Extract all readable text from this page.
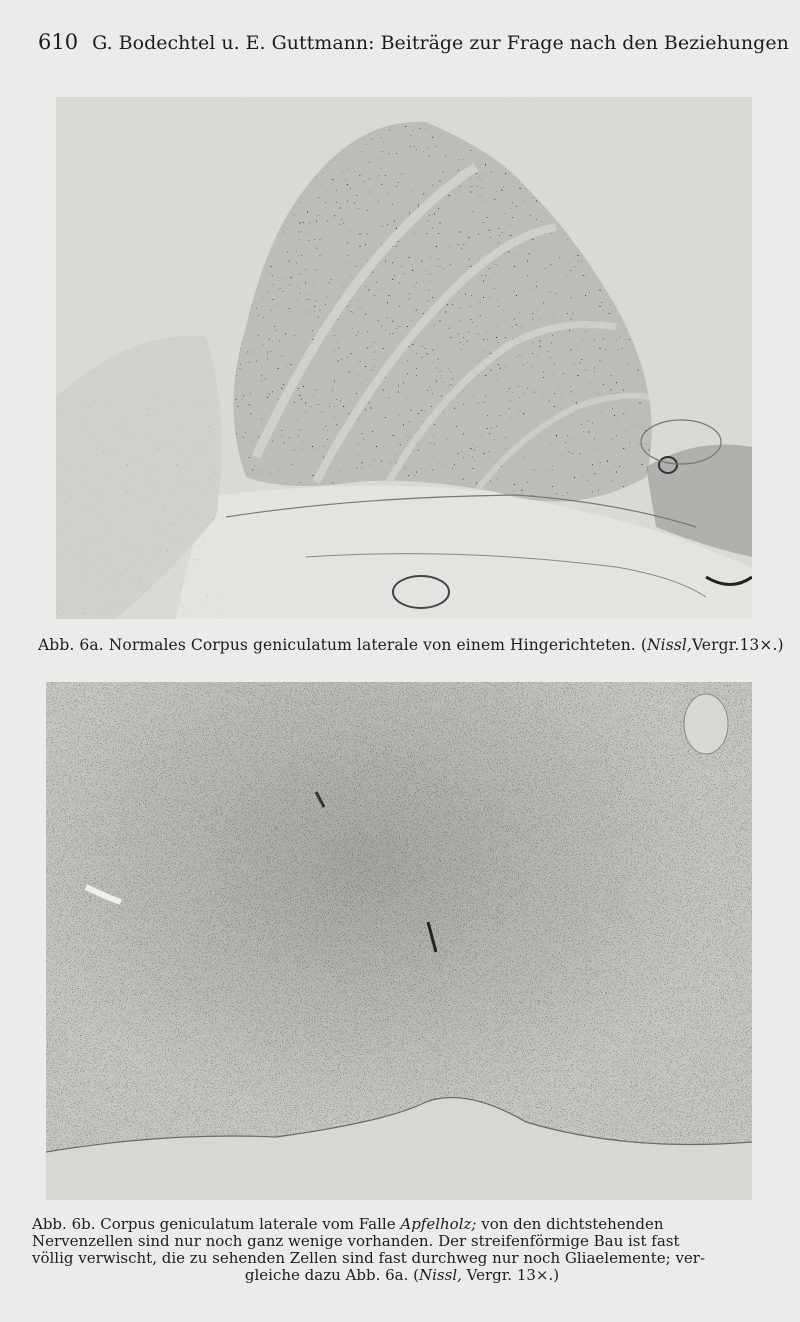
610 G. Bodechtel u. E. Guttmann: Beiträge zur Frage nach den Beziehungen
Abb. 6a. Normales Corpus geniculatum laterale von einem Hingerichteten. (Nissl,Vergr.13×.)
Abb. 6b. Corpus geniculatum laterale vom Falle Apfelholz; von den dichtstehenden
Nervenzellen sind nur noch ganz wenige vorhanden. Der streifenförmige Bau ist fast
völlig verwischt, die zu sehenden Zellen sind fast durchweg nur noch Gliaelemente; ver-
gleiche dazu Abb. 6a. (Nissl, Vergr. 13×.)
